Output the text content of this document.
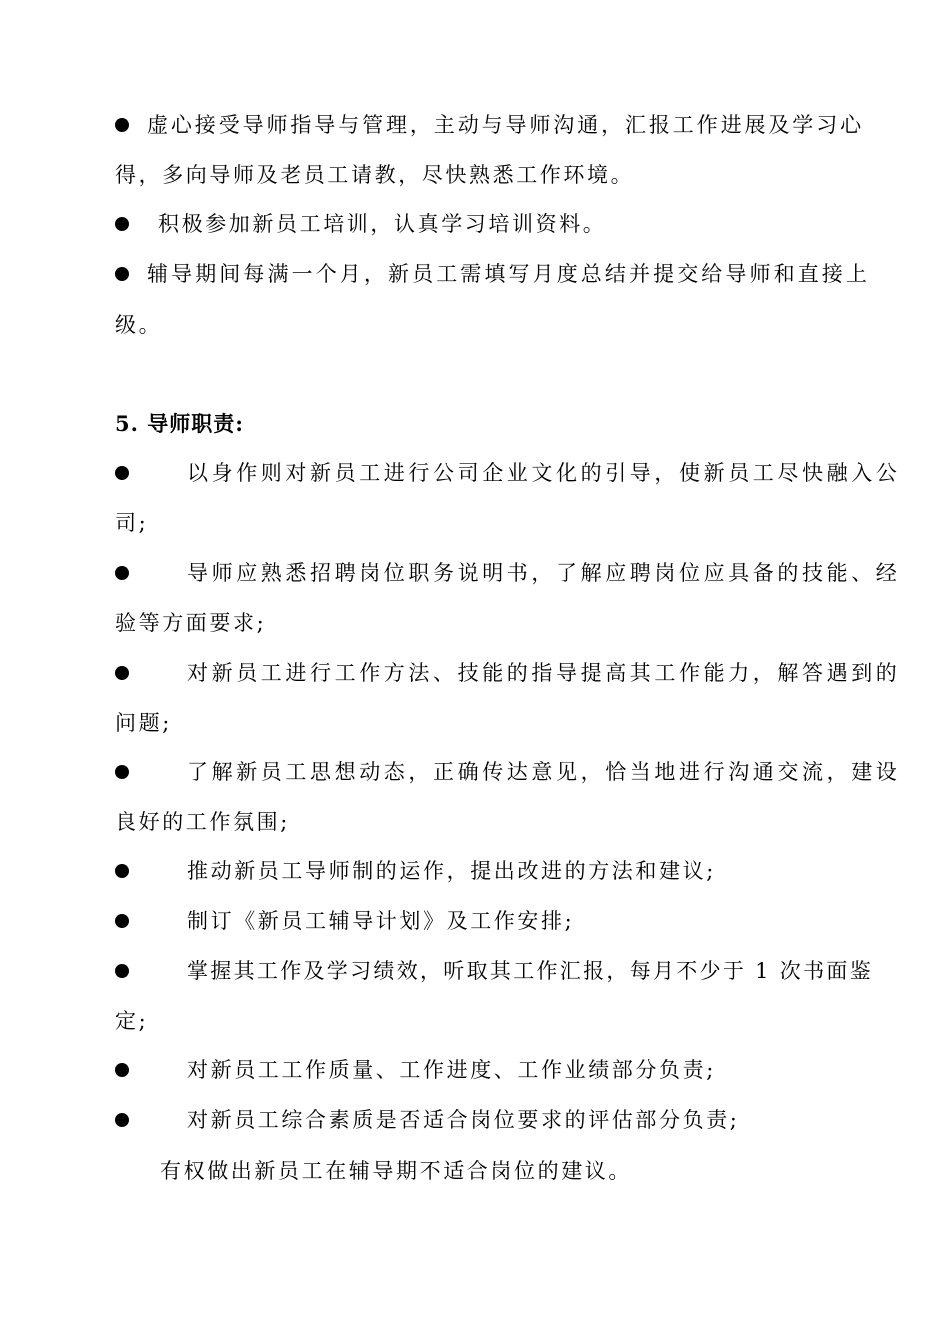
虚心接受导师指导与管理，主动与导师沟通，汇报工作进展及学习心
得，多向导师及老员工请教，尽快熟悉工作环境。
积极参加新员工培训，认真学习培训资料。
辅导期间每满一个月，新员工需填写月度总结并提交给导师和直接上
级。
5. 导师职责:
以身作则对新员工进行公司企业文化的引导，使新员工尽快融入公
司;
导师应熟悉招聘岗位职务说明书，了解应聘岗位应具备的技能、经
验等方面要求;
对新员工进行工作方法、技能的指导提高其工作能力，解答遇到的
问题;
了解新员工思想动态，正确传达意见，恰当地进行沟通交流，建设
良好的工作氛围;
推动新员工导师制的运作，提出改进的方法和建议;
制订《新员工辅导计划》及工作安排;
掌握其工作及学习绩效，听取其工作汇报，每月不少于 1 次书面鉴
定;
对新员工工作质量、工作进度、工作业绩部分负责;
对新员工综合素质是否适合岗位要求的评估部分负责;
有权做出新员工在辅导期不适合岗位的建议。
